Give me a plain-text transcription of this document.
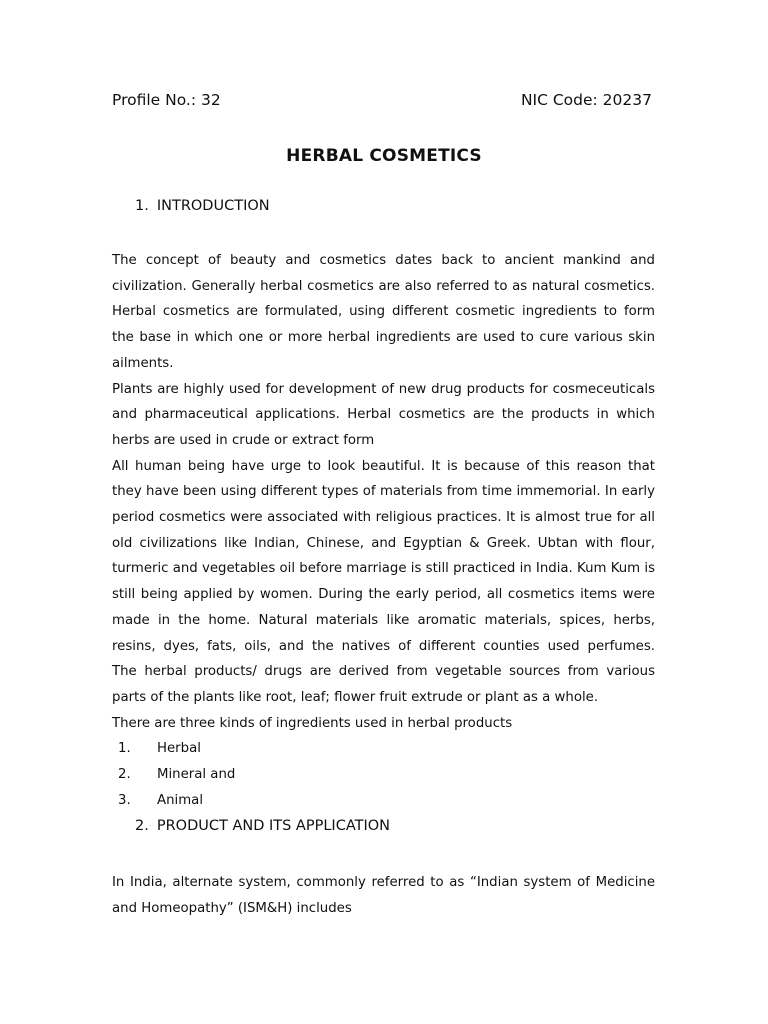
Profile No.: 32	NIC Code: 20237
HERBAL COSMETICS
1. INTRODUCTION

The concept of beauty and cosmetics dates back to ancient mankind and civilization. Generally herbal cosmetics are also referred to as natural cosmetics. Herbal cosmetics are formulated, using different cosmetic ingredients to form the base in which one or more herbal ingredients are used to cure various skin ailments.

Plants are highly used for development of new drug products for cosmeceuticals and pharmaceutical applications. Herbal cosmetics are the products in which herbs are used in crude or extract form

All human being have urge to look beautiful. It is because of this reason that they have been using different types of materials from time immemorial. In early period cosmetics were associated with religious practices. It is almost true for all old civilizations like Indian, Chinese, and Egyptian & Greek. Ubtan with flour, turmeric and vegetables oil before marriage is still practiced in India. Kum Kum is still being applied by women. During the early period, all cosmetics items were made in the home. Natural materials like aromatic materials, spices, herbs, resins, dyes, fats, oils, and the natives of different counties used perfumes.

The herbal products/ drugs are derived from vegetable sources from various parts of the plants like root, leaf; flower fruit extrude or plant as a whole.

There are three kinds of ingredients used in herbal products

1.	Herbal
2.	Mineral and
3.	Animal
2. PRODUCT AND ITS APPLICATION

In India, alternate system, commonly referred to as “Indian system of Medicine and Homeopathy” (ISM&H) includes
